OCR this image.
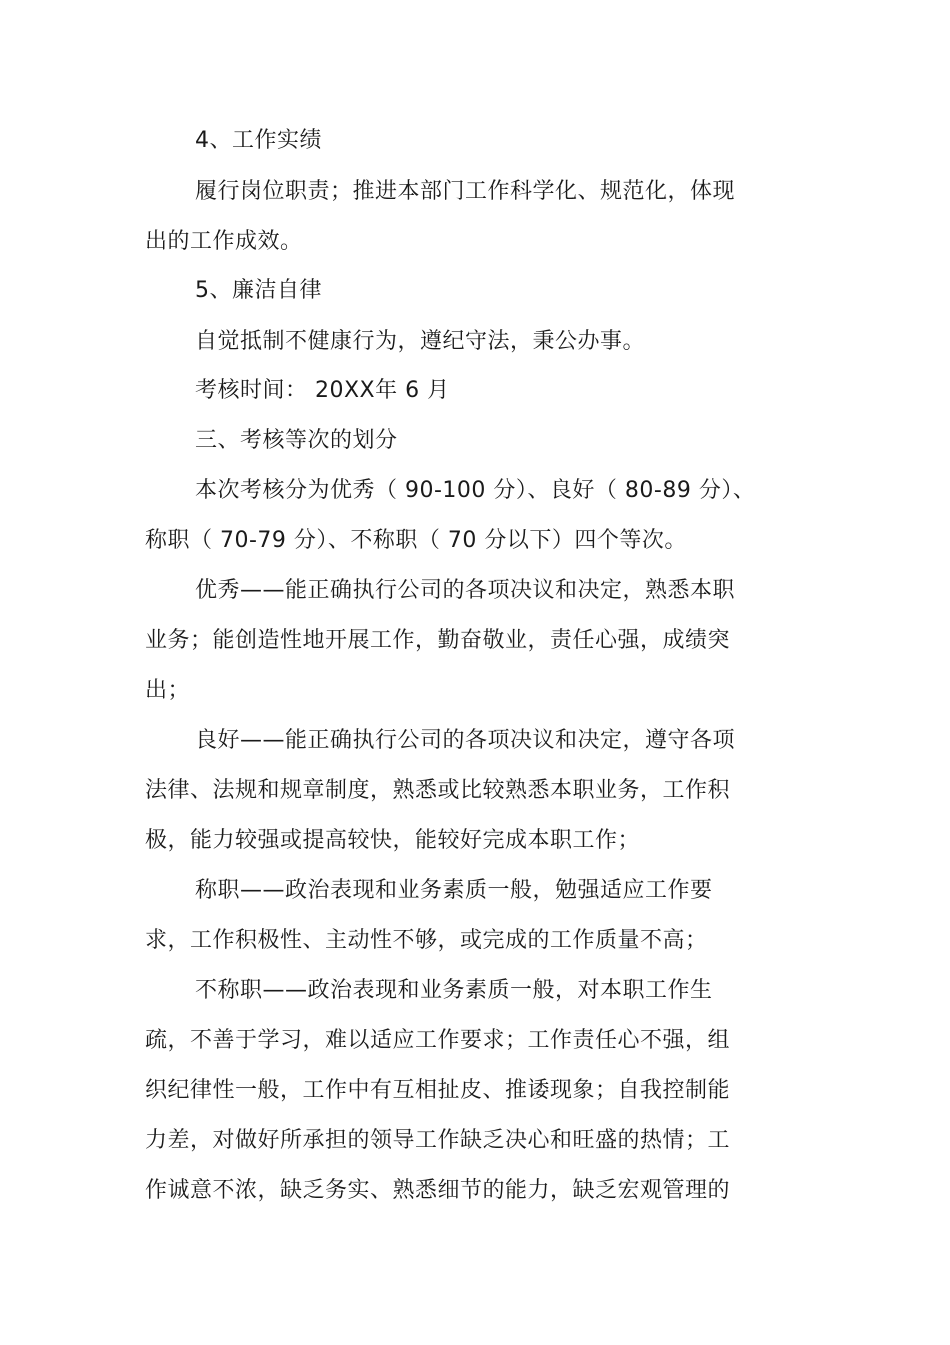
4、工作实绩

履行岗位职责；推进本部门工作科学化、规范化，体现

出的工作成效。

5、廉洁自律

自觉抵制不健康行为，遵纪守法，秉公办事。

考核时间： 20XX年 6 月

三、考核等次的划分

本次考核分为优秀（ 90-100 分）、良好（ 80-89 分）、

称职（ 70-79 分）、不称职（ 70 分以下）四个等次。

优秀——能正确执行公司的各项决议和决定，熟悉本职

业务；能创造性地开展工作，勤奋敬业，责任心强，成绩突

出；

良好——能正确执行公司的各项决议和决定，遵守各项

法律、法规和规章制度，熟悉或比较熟悉本职业务，工作积

极，能力较强或提高较快，能较好完成本职工作；

称职——政治表现和业务素质一般，勉强适应工作要

求，工作积极性、主动性不够，或完成的工作质量不高；

不称职——政治表现和业务素质一般，对本职工作生

疏，不善于学习，难以适应工作要求；工作责任心不强，组

织纪律性一般，工作中有互相扯皮、推诿现象；自我控制能

力差，对做好所承担的领导工作缺乏决心和旺盛的热情；工

作诚意不浓，缺乏务实、熟悉细节的能力，缺乏宏观管理的
